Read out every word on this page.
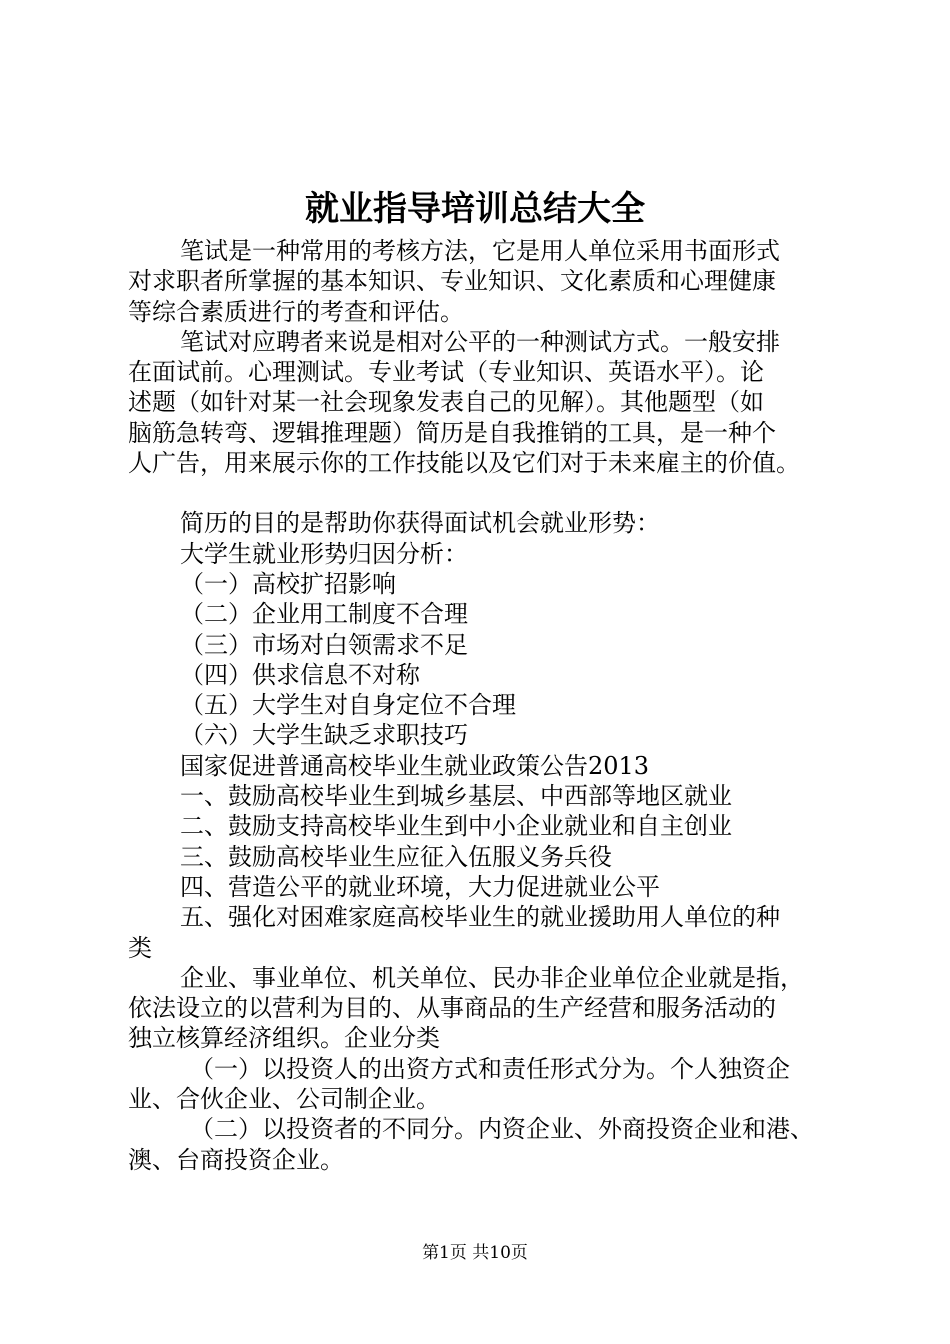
就业指导培训总结大全
笔试是一种常用的考核方法，它是用人单位采用书面形式
对求职者所掌握的基本知识、专业知识、文化素质和心理健康
等综合素质进行的考查和评估。
笔试对应聘者来说是相对公平的一种测试方式。一般安排
在面试前。心理测试。专业考试（专业知识、英语水平）。论
述题（如针对某一社会现象发表自己的见解）。其他题型（如
脑筋急转弯、逻辑推理题）简历是自我推销的工具，是一种个
人广告，用来展示你的工作技能以及它们对于未来雇主的价值。
简历的目的是帮助你获得面试机会就业形势：
大学生就业形势归因分析：
（一）高校扩招影响
（二）企业用工制度不合理
（三）市场对白领需求不足
（四）供求信息不对称
（五）大学生对自身定位不合理
（六）大学生缺乏求职技巧
国家促进普通高校毕业生就业政策公告2013
一、鼓励高校毕业生到城乡基层、中西部等地区就业
二、鼓励支持高校毕业生到中小企业就业和自主创业
三、鼓励高校毕业生应征入伍服义务兵役
四、营造公平的就业环境，大力促进就业公平
五、强化对困难家庭高校毕业生的就业援助用人单位的种
类
企业、事业单位、机关单位、民办非企业单位企业就是指，
依法设立的以营利为目的、从事商品的生产经营和服务活动的
独立核算经济组织。企业分类
（一）以投资人的出资方式和责任形式分为。个人独资企
业、合伙企业、公司制企业。
（二）以投资者的不同分。内资企业、外商投资企业和港、
澳、台商投资企业。
第1页 共10页
